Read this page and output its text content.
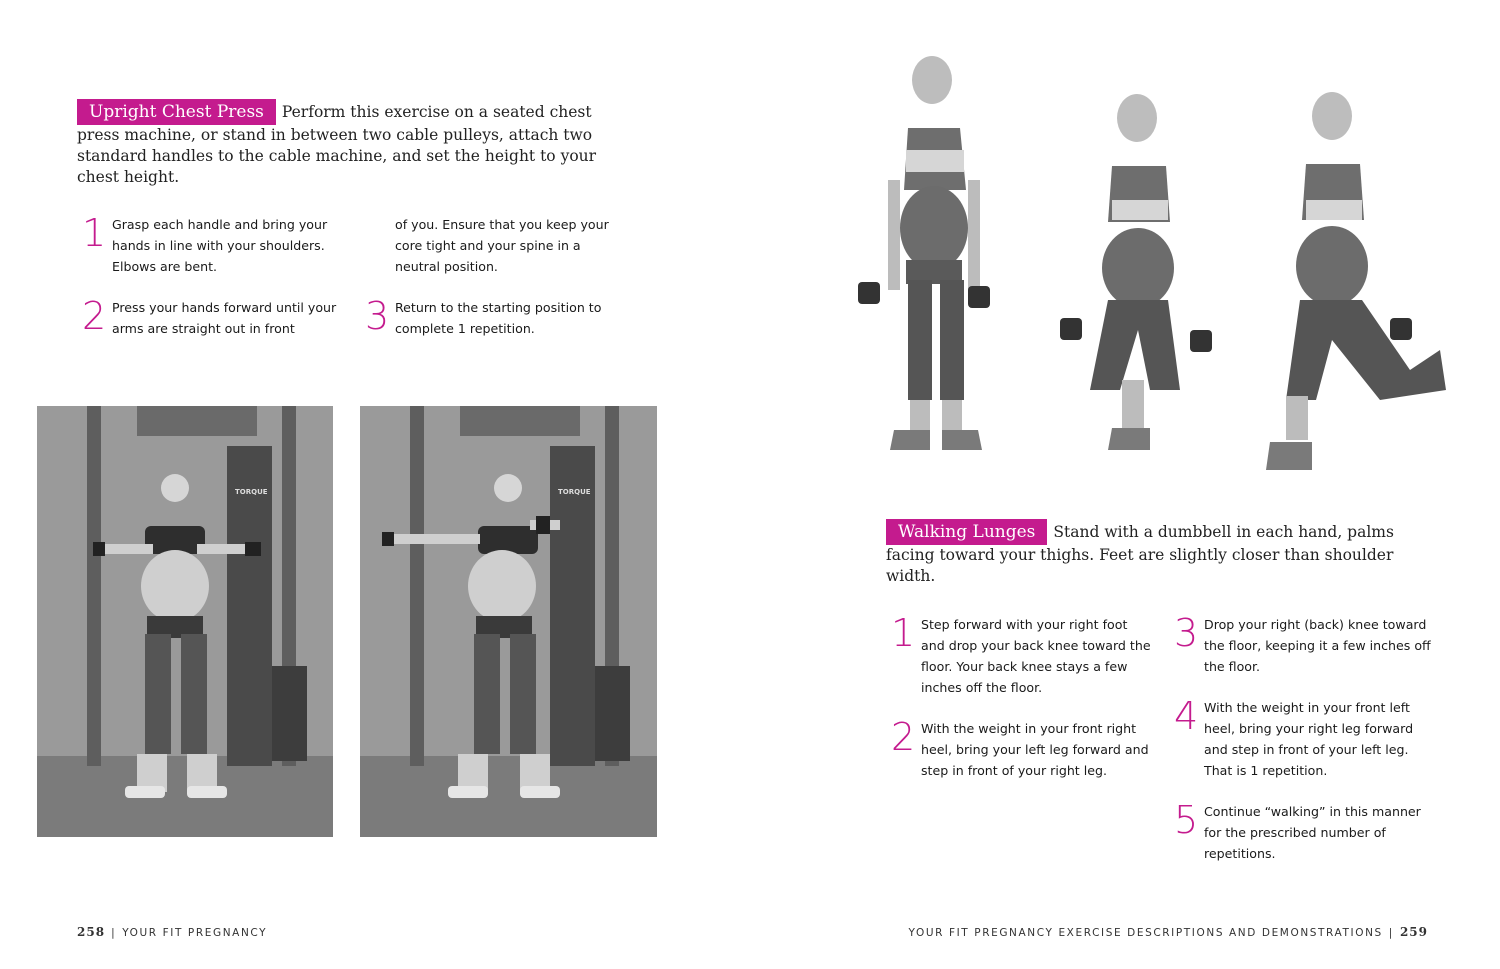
Upright Chest Press Perform this exercise on a seated chest press machine, or stand in between two cable pulleys, attach two standard handles to the cable machine, and set the height to your chest height.
1 Grasp each handle and bring your hands in line with your shoulders. Elbows are bent.
2 Press your hands forward until your arms are straight out in front
of you. Ensure that you keep your core tight and your spine in a neutral position.
3 Return to the starting position to complete 1 repetition.
TORQUE	TORQUE
258 | YOUR FIT PREGNANCY
Walking Lunges Stand with a dumbbell in each hand, palms facing toward your thighs. Feet are slightly closer than shoulder width.
1 Step forward with your right foot and drop your back knee toward the floor. Your back knee stays a few inches off the floor.
2 With the weight in your front right heel, bring your left leg forward and step in front of your right leg.
3 Drop your right (back) knee toward the floor, keeping it a few inches off the floor.
4 With the weight in your front left heel, bring your right leg forward and step in front of your left leg. That is 1 repetition.
5 Continue “walking” in this manner for the prescribed number of repetitions.
YOUR FIT PREGNANCY EXERCISE DESCRIPTIONS AND DEMONSTRATIONS | 259
